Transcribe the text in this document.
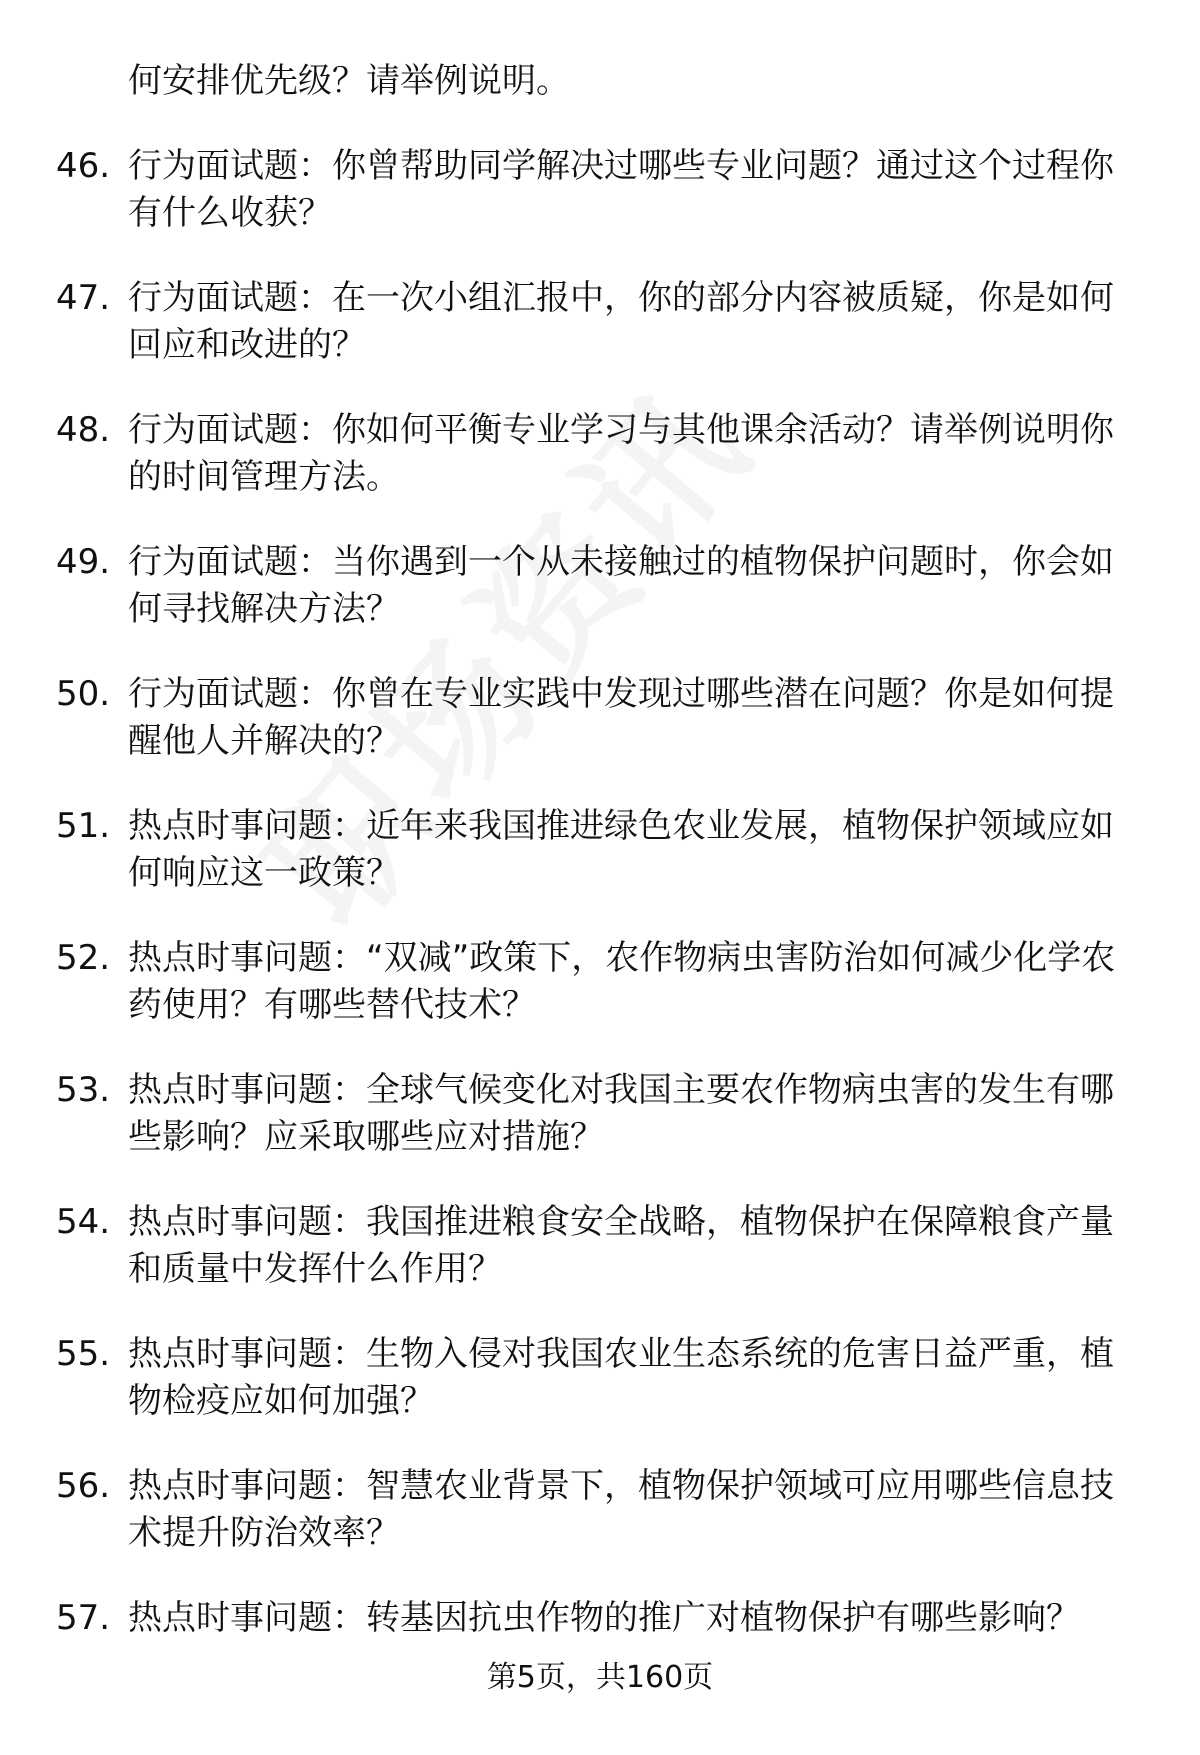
何安排优先级？请举例说明。
46. 行为面试题：你曾帮助同学解决过哪些专业问题？通过这个过程你有什么收获？
47. 行为面试题：在一次小组汇报中，你的部分内容被质疑，你是如何回应和改进的？
48. 行为面试题：你如何平衡专业学习与其他课余活动？请举例说明你的时间管理方法。
49. 行为面试题：当你遇到一个从未接触过的植物保护问题时，你会如何寻找解决方法？
50. 行为面试题：你曾在专业实践中发现过哪些潜在问题？你是如何提醒他人并解决的？
51. 热点时事问题：近年来我国推进绿色农业发展，植物保护领域应如何响应这一政策？
52. 热点时事问题：“双减”政策下，农作物病虫害防治如何减少化学农药使用？有哪些替代技术？
53. 热点时事问题：全球气候变化对我国主要农作物病虫害的发生有哪些影响？应采取哪些应对措施？
54. 热点时事问题：我国推进粮食安全战略，植物保护在保障粮食产量和质量中发挥什么作用？
55. 热点时事问题：生物入侵对我国农业生态系统的危害日益严重，植物检疫应如何加强？
56. 热点时事问题：智慧农业背景下，植物保护领域可应用哪些信息技术提升防治效率？
57. 热点时事问题：转基因抗虫作物的推广对植物保护有哪些影响？
第5页，共160页
